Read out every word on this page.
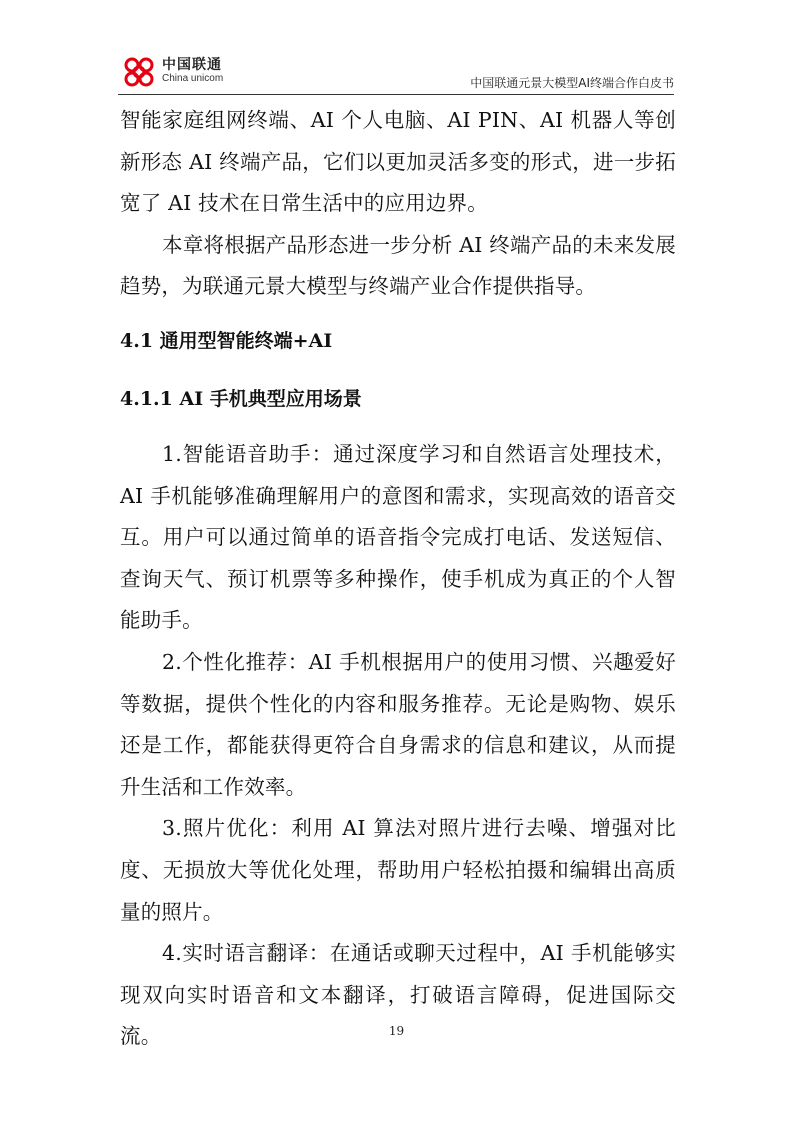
中国联通
China unicom	中国联通元景大模型AI终端合作白皮书

智能家庭组网终端、AI 个人电脑、AI PIN、AI 机器人等创新形态 AI 终端产品，它们以更加灵活多变的形式，进一步拓宽了 AI 技术在日常生活中的应用边界。

本章将根据产品形态进一步分析 AI 终端产品的未来发展趋势，为联通元景大模型与终端产业合作提供指导。

4.1 通用型智能终端+AI
4.1.1 AI 手机典型应用场景

1.智能语音助手：通过深度学习和自然语言处理技术，AI 手机能够准确理解用户的意图和需求，实现高效的语音交互。用户可以通过简单的语音指令完成打电话、发送短信、查询天气、预订机票等多种操作，使手机成为真正的个人智能助手。

2.个性化推荐：AI 手机根据用户的使用习惯、兴趣爱好等数据，提供个性化的内容和服务推荐。无论是购物、娱乐还是工作，都能获得更符合自身需求的信息和建议，从而提升生活和工作效率。

3.照片优化：利用 AI 算法对照片进行去噪、增强对比度、无损放大等优化处理，帮助用户轻松拍摄和编辑出高质量的照片。

4.实时语言翻译：在通话或聊天过程中，AI 手机能够实现双向实时语音和文本翻译，打破语言障碍，促进国际交流。	19
